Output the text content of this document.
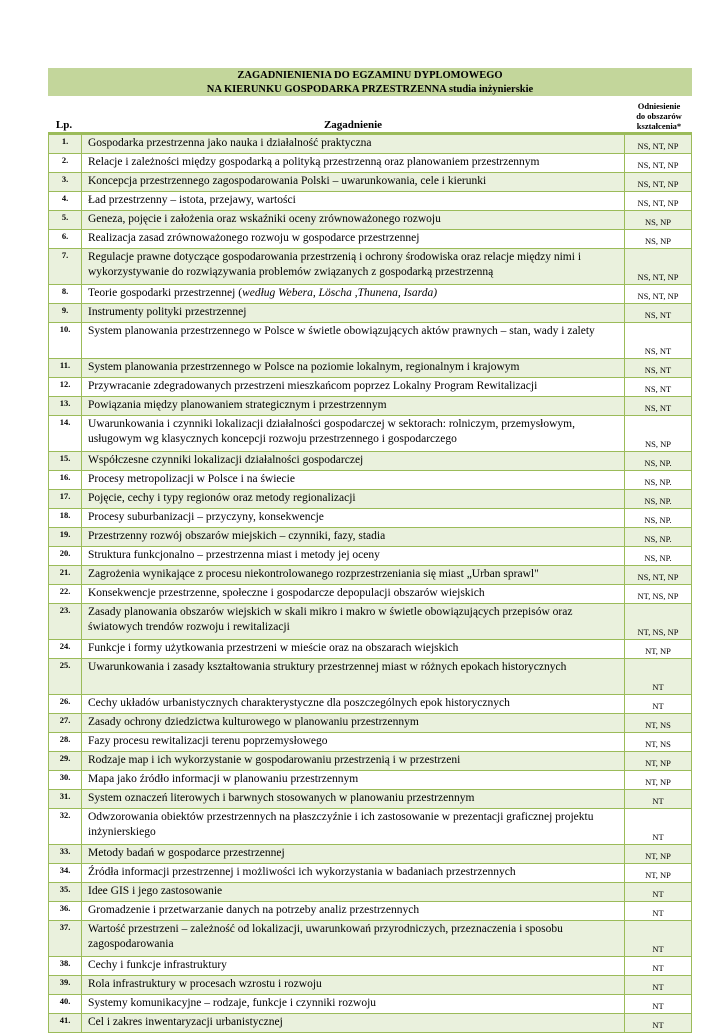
ZAGADNIENIENIA DO EGZAMINU DYPLOMOWEGO
NA KIERUNKU GOSPODARKA PRZESTRZENNA studia inżynierskie
Lp.	Zagadnienie
Odniesienie
do obszarów
kształcenia*
1.	Gospodarka przestrzenna jako nauka i działalność praktyczna	NS, NT, NP
2.	Relacje i zależności między gospodarką a polityką przestrzenną oraz planowaniem przestrzennym	NS, NT, NP
3.	Koncepcja przestrzennego zagospodarowania Polski – uwarunkowania, cele i kierunki	NS, NT, NP
4.	Ład przestrzenny – istota, przejawy, wartości	NS, NT, NP
5.	Geneza, pojęcie i założenia oraz wskaźniki oceny zrównoważonego rozwoju	NS, NP
6.	Realizacja zasad zrównoważonego rozwoju w gospodarce przestrzennej	NS, NP
7.	Regulacje prawne dotyczące gospodarowania przestrzenią i ochrony środowiska oraz relacje między nimi i wykorzystywanie do rozwiązywania problemów związanych z gospodarką przestrzenną	NS, NT, NP
8.	Teorie gospodarki przestrzennej (według Webera, Löscha ,Thunena, Isarda)	NS, NT, NP
9.	Instrumenty polityki przestrzennej	NS, NT
10.	System planowania przestrzennego w Polsce w świetle obowiązujących aktów prawnych – stan, wady i zalety	NS, NT
11.	System planowania przestrzennego w Polsce na poziomie lokalnym, regionalnym i krajowym	NS, NT
12.	Przywracanie zdegradowanych przestrzeni mieszkańcom poprzez Lokalny Program Rewitalizacji	NS, NT
13.	Powiązania między planowaniem strategicznym i przestrzennym	NS, NT
14.	Uwarunkowania i czynniki lokalizacji działalności gospodarczej w sektorach: rolniczym, przemysłowym, usługowym wg klasycznych koncepcji rozwoju przestrzennego i gospodarczego	NS, NP
15.	Współczesne czynniki lokalizacji działalności gospodarczej	NS, NP.
16.	Procesy metropolizacji w Polsce i na świecie	NS, NP.
17.	Pojęcie, cechy i typy regionów oraz metody regionalizacji	NS, NP.
18.	Procesy suburbanizacji – przyczyny, konsekwencje	NS, NP.
19.	Przestrzenny rozwój obszarów miejskich – czynniki, fazy, stadia	NS, NP.
20.	Struktura funkcjonalno – przestrzenna miast i metody jej oceny	NS, NP.
21.	Zagrożenia wynikające z procesu niekontrolowanego rozprzestrzeniania się miast „Urban sprawl"	NS, NT, NP
22.	Konsekwencje przestrzenne, społeczne i gospodarcze depopulacji obszarów wiejskich	NT, NS, NP
23.	Zasady planowania obszarów wiejskich w skali mikro i makro w świetle obowiązujących przepisów oraz światowych trendów rozwoju i rewitalizacji	NT, NS, NP
24.	Funkcje i formy użytkowania przestrzeni w mieście oraz na obszarach wiejskich	NT, NP
25.	Uwarunkowania i zasady kształtowania struktury przestrzennej miast w różnych epokach historycznych	NT
26.	Cechy układów urbanistycznych charakterystyczne dla poszczególnych epok historycznych	NT
27.	Zasady ochrony dziedzictwa kulturowego w planowaniu przestrzennym	NT, NS
28.	Fazy procesu rewitalizacji terenu poprzemysłowego	NT, NS
29.	Rodzaje map i ich wykorzystanie w gospodarowaniu przestrzenią i w przestrzeni	NT, NP
30.	Mapa jako źródło informacji w planowaniu przestrzennym	NT, NP
31.	System oznaczeń literowych i barwnych stosowanych w planowaniu przestrzennym	NT
32.	Odwzorowania obiektów przestrzennych na płaszczyźnie i ich zastosowanie w prezentacji graficznej projektu inżynierskiego	NT
33.	Metody badań w gospodarce przestrzennej	NT, NP
34.	Źródła informacji przestrzennej i możliwości ich wykorzystania w badaniach przestrzennych	NT, NP
35.	Idee GIS i jego zastosowanie	NT
36.	Gromadzenie i przetwarzanie danych na potrzeby analiz przestrzennych	NT
37.	Wartość przestrzeni – zależność od lokalizacji, uwarunkowań przyrodniczych, przeznaczenia i sposobu zagospodarowania	NT
38.	Cechy i funkcje infrastruktury	NT
39.	Rola infrastruktury w procesach wzrostu i rozwoju	NT
40.	Systemy komunikacyjne – rodzaje, funkcje i czynniki rozwoju	NT
41.	Cel i zakres inwentaryzacji urbanistycznej	NT
